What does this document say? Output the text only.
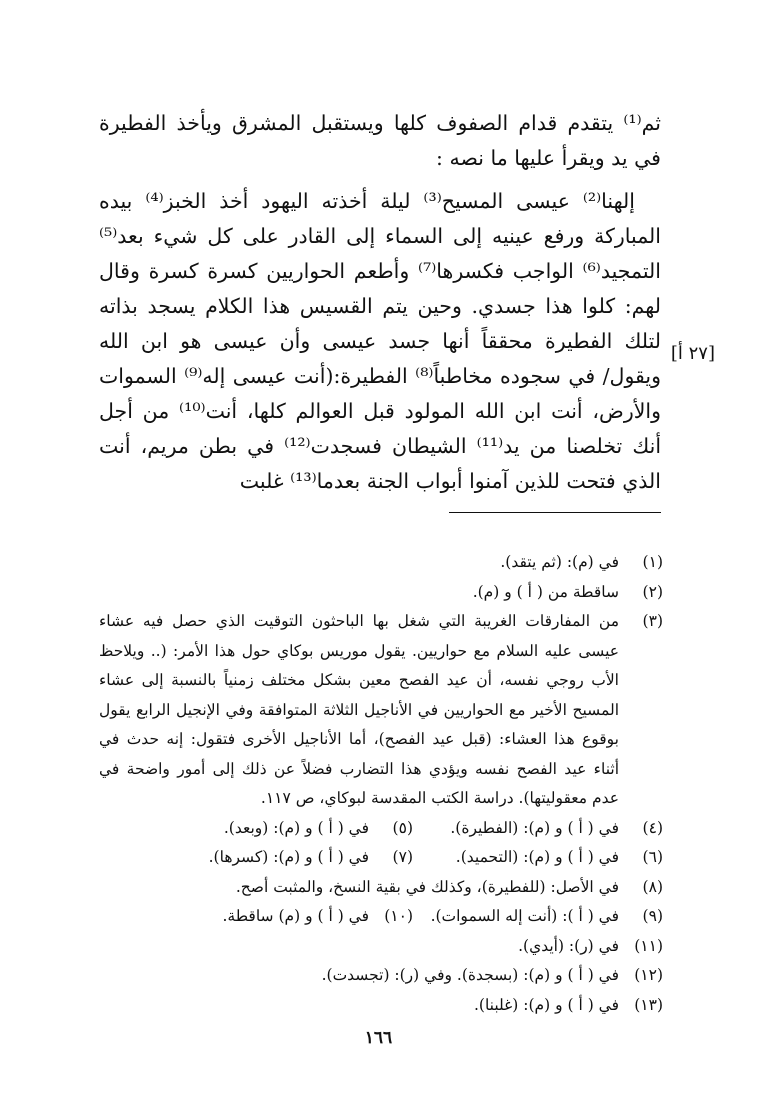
ثم⁽¹⁾ يتقدم قدام الصفوف كلها ويستقبل المشرق ويأخذ الفطيرة في يد ويقرأ عليها ما نصه :

إلهنا⁽²⁾ عيسى المسيح⁽³⁾ ليلة أخذته اليهود أخذ الخبز⁽⁴⁾ بيده المباركة ورفع عينيه إلى السماء إلى القادر على كل شيء بعد⁽⁵⁾ التمجيد⁽⁶⁾ الواجب فكسرها⁽⁷⁾ وأطعم الحواريين كسرة كسرة وقال لهم: كلوا هذا جسدي. وحين يتم القسيس هذا الكلام يسجد بذاته لتلك الفطيرة محققاً أنها جسد عيسى وأن عيسى هو ابن الله ويقول/ في سجوده مخاطباً⁽⁸⁾ الفطيرة:(أنت عيسى إله⁽⁹⁾ السموات والأرض، أنت ابن الله المولود قبل العوالم كلها، أنت⁽¹⁰⁾ من أجل أنك تخلصنا من يد⁽¹¹⁾ الشيطان فسجدت⁽¹²⁾ في بطن مريم، أنت الذي فتحت للذين آمنوا أبواب الجنة بعدما⁽¹³⁾ غلبت

[٢٧ أ]
(١)
في (م): (ثم يتقد).
(٢)
ساقطة من ( أ ) و (م).
(٣)
من المفارقات الغريبة التي شغل بها الباحثون التوقيت الذي حصل فيه عشاء عيسى عليه السلام مع حواريين. يقول موريس بوكاي حول هذا الأمر: (.. ويلاحظ الأب روجي نفسه، أن عيد الفصح معين بشكل مختلف زمنياً بالنسبة إلى عشاء المسيح الأخير مع الحواريين في الأناجيل الثلاثة المتوافقة وفي الإنجيل الرابع يقول بوقوع هذا العشاء: (قبل عيد الفصح)، أما الأناجيل الأخرى فتقول: إنه حدث في أثناء عيد الفصح نفسه ويؤدي هذا التضارب فضلاً عن ذلك إلى أمور واضحة في عدم معقوليتها). دراسة الكتب المقدسة لبوكاي، ص ١١٧.
(٤)
في ( أ ) و (م): (الفطيرة).
(٥)
في ( أ ) و (م): (وبعد).
(٦)
في ( أ ) و (م): (التحميد).
(٧)
في ( أ ) و (م): (كسرها).
(٨)
في الأصل: (للفطيرة)، وكذلك في بقية النسخ، والمثبت أصح.
(٩)
في ( أ ): (أنت إله السموات).
(١٠)
في ( أ ) و (م) ساقطة.
(١١)
في (ر): (أيدي).
(١٢)
في ( أ ) و (م): (بسجدة). وفي (ر): (تجسدت).
(١٣)
في ( أ ) و (م): (غلبنا).
١٦٦
